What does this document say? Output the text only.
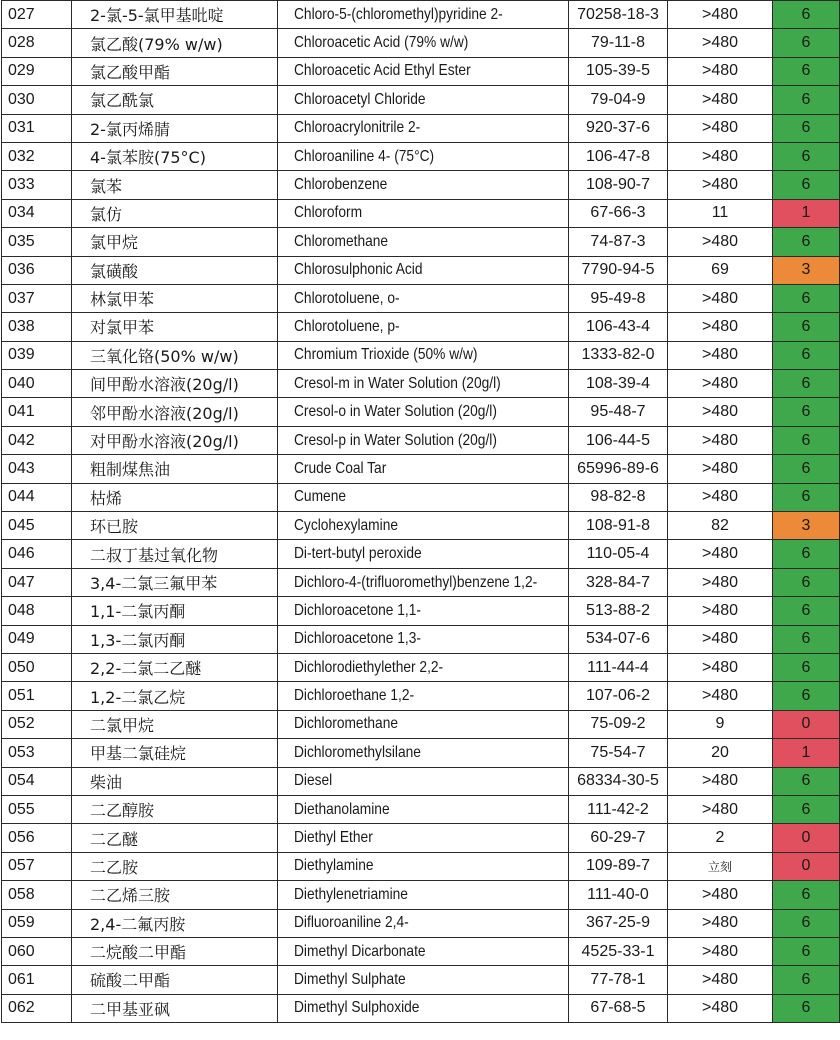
027	2-氯-5-氯甲基吡啶	Chloro-5-(chloromethyl)pyridine 2-	70258-18-3	>480	6
028	氯乙酸(79% w/w)	Chloroacetic Acid (79% w/w)	79-11-8	>480	6
029	氯乙酸甲酯	Chloroacetic Acid Ethyl Ester	105-39-5	>480	6
030	氯乙酰氯	Chloroacetyl Chloride	79-04-9	>480	6
031	2-氯丙烯腈	Chloroacrylonitrile 2-	920-37-6	>480	6
032	4-氯苯胺(75°C)	Chloroaniline 4- (75°C)	106-47-8	>480	6
033	氯苯	Chlorobenzene	108-90-7	>480	6
034	氯仿	Chloroform	67-66-3	11	1
035	氯甲烷	Chloromethane	74-87-3	>480	6
036	氯磺酸	Chlorosulphonic Acid	7790-94-5	69	3
037	林氯甲苯	Chlorotoluene, o-	95-49-8	>480	6
038	对氯甲苯	Chlorotoluene, p-	106-43-4	>480	6
039	三氧化铬(50% w/w)	Chromium Trioxide (50% w/w)	1333-82-0	>480	6
040	间甲酚水溶液(20g/l)	Cresol-m in Water Solution (20g/l)	108-39-4	>480	6
041	邻甲酚水溶液(20g/l)	Cresol-o in Water Solution (20g/l)	95-48-7	>480	6
042	对甲酚水溶液(20g/l)	Cresol-p in Water Solution (20g/l)	106-44-5	>480	6
043	粗制煤焦油	Crude Coal Tar	65996-89-6	>480	6
044	枯烯	Cumene	98-82-8	>480	6
045	环已胺	Cyclohexylamine	108-91-8	82	3
046	二叔丁基过氧化物	Di-tert-butyl peroxide	110-05-4	>480	6
047	3,4-二氯三氟甲苯	Dichloro-4-(trifluoromethyl)benzene 1,2-	328-84-7	>480	6
048	1,1-二氯丙酮	Dichloroacetone 1,1-	513-88-2	>480	6
049	1,3-二氯丙酮	Dichloroacetone 1,3-	534-07-6	>480	6
050	2,2-二氯二乙醚	Dichlorodiethylether 2,2-	111-44-4	>480	6
051	1,2-二氯乙烷	Dichloroethane 1,2-	107-06-2	>480	6
052	二氯甲烷	Dichloromethane	75-09-2	9	0
053	甲基二氯硅烷	Dichloromethylsilane	75-54-7	20	1
054	柴油	Diesel	68334-30-5	>480	6
055	二乙醇胺	Diethanolamine	111-42-2	>480	6
056	二乙醚	Diethyl Ether	60-29-7	2	0
057	二乙胺	Diethylamine	109-89-7	立刻	0
058	二乙烯三胺	Diethylenetriamine	111-40-0	>480	6
059	2,4-二氟丙胺	Difluoroaniline 2,4-	367-25-9	>480	6
060	二烷酸二甲酯	Dimethyl Dicarbonate	4525-33-1	>480	6
061	硫酸二甲酯	Dimethyl Sulphate	77-78-1	>480	6
062	二甲基亚砜	Dimethyl Sulphoxide	67-68-5	>480	6
